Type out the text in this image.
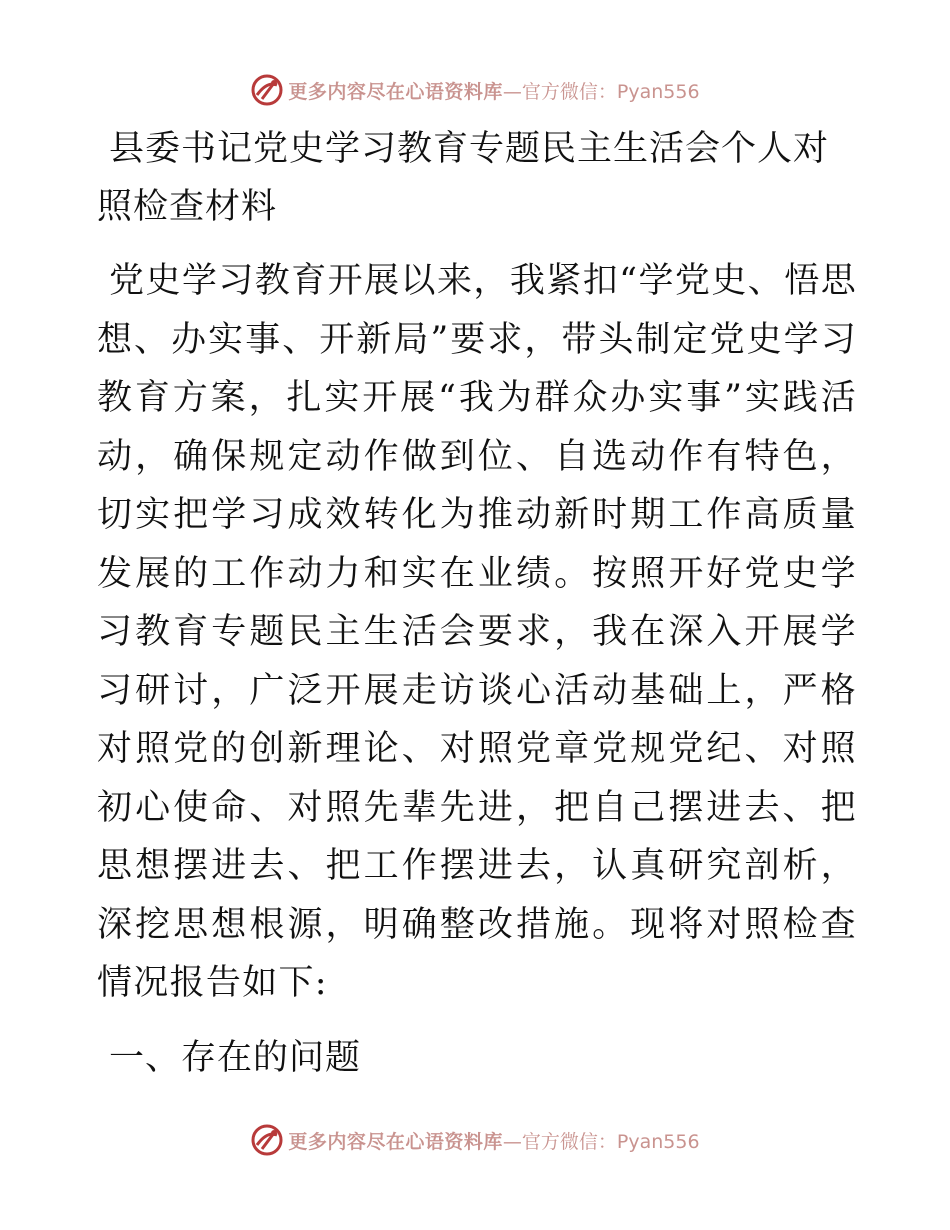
更多内容尽在心语资料库 —官方微信：Pyan556
县委书记党史学习教育专题民主生活会个人对照检查材料

党史学习教育开展以来，我紧扣“学党史、悟思想、办实事、开新局”要求，带头制定党史学习教育方案，扎实开展“我为群众办实事”实践活动，确保规定动作做到位、自选动作有特色，切实把学习成效转化为推动新时期工作高质量发展的工作动力和实在业绩。按照开好党史学习教育专题民主生活会要求，我在深入开展学习研讨，广泛开展走访谈心活动基础上，严格对照党的创新理论、对照党章党规党纪、对照初心使命、对照先辈先进，把自己摆进去、把思想摆进去、把工作摆进去，认真研究剖析，深挖思想根源，明确整改措施。现将对照检查情况报告如下:

一、存在的问题
更多内容尽在心语资料库 —官方微信：Pyan556
